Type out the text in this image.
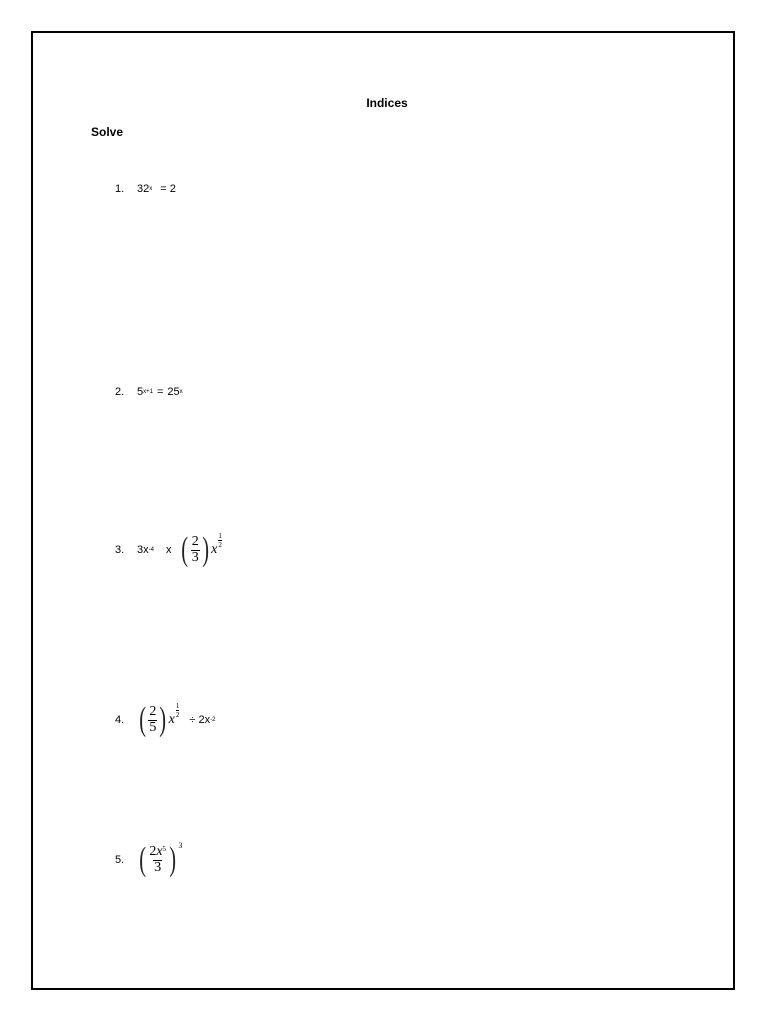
Indices
Solve
1.	32 x = 2
2.	5 x+1 = 25 x
3.	3x -4 x ( $\frac{2}{3}$ ) x
$\frac{1}{2}$
4. ( $\frac{2}{5}$ ) x
$\frac{1}{2}$
÷ 2x -2
5. ( $\frac{2x^5}{3}$ ) 3
